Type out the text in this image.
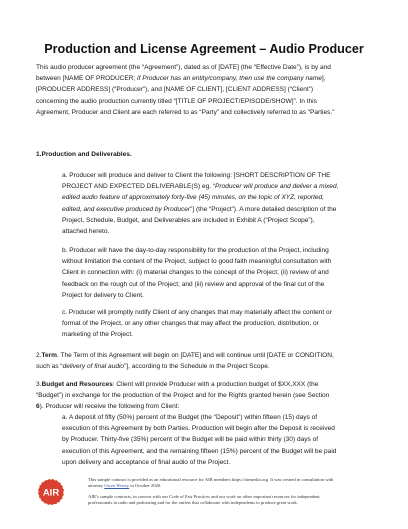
Production and License Agreement – Audio Producer
This audio producer agreement (the “Agreement”), dated as of [DATE] (the “Effective Date”), is by and
between [NAME OF PRODUCER; if Producer has an entity/company, then use the company name],
[PRODUCER ADDRESS] (“Producer”), and [NAME OF CLIENT], [CLIENT ADDRESS] (“Client”)
concerning the audio production currently titled “[TITLE OF PROJECT/EPISODE/SHOW]”. In this
Agreement, Producer and Client are each referred to as “Party” and collectively referred to as “Parties.”
1.Production and Deliverables.
a. Producer will produce and deliver to Client the following: [SHORT DESCRIPTION OF THE
PROJECT AND EXPECTED DELIVERABLE(S) eg. “Producer will produce and deliver a mixed,
edited audio feature of approximately forty-five (45) minutes, on the topic of XYZ, reported,
edited, and executive produced by Producer”] (the “Project”). A more detailed description of the
Project, Schedule, Budget, and Deliverables are included in Exhibit A (“Project Scope”),
attached hereto.
b. Producer will have the day-to-day responsibility for the production of the Project, including
without limitation the content of the Project, subject to good faith meaningful consultation with
Client in connection with: (i) material changes to the concept of the Project; (ii) review of and
feedback on the rough cut of the Project; and (iii) review and approval of the final cut of the
Project for delivery to Client.
c. Producer will promptly notify Client of any changes that may materially affect the content or
format of the Project, or any other changes that may affect the production, distribution, or
marketing of the Project.
2.Term. The Term of this Agreement will begin on [DATE] and will continue until [DATE or CONDITION,
such as “delivery of final audio”], according to the Schedule in the Project Scope.
3.Budget and Resources: Client will provide Producer with a production budget of $XX,XXX (the
“Budget”) in exchange for the production of the Project and for the Rights granted herein (see Section
6). Producer will receive the following from Client:
a. A deposit of fifty (50%) percent of the Budget (the “Deposit”) within fifteen (15) days of
execution of this Agreement by both Parties. Production will begin after the Deposit is received
by Producer. Thirty-five (35%) percent of the Budget will be paid within thirty (30) days of
execution of this Agreement, and the remaining fifteen (15%) percent of the Budget will be paid
upon delivery and acceptance of final audio of the Project.
AIR
This sample contract is provided as an educational resource for AIR members https://airmedia.org. It was created in consultation with
attorney Owen Heruty in October 2020.
AIR’s sample contracts, in concert with our Code of Fair Practices and our work on other important resources for independent
professionals in radio and podcasting and for the outlets that collaborate with independents to produce great work.
